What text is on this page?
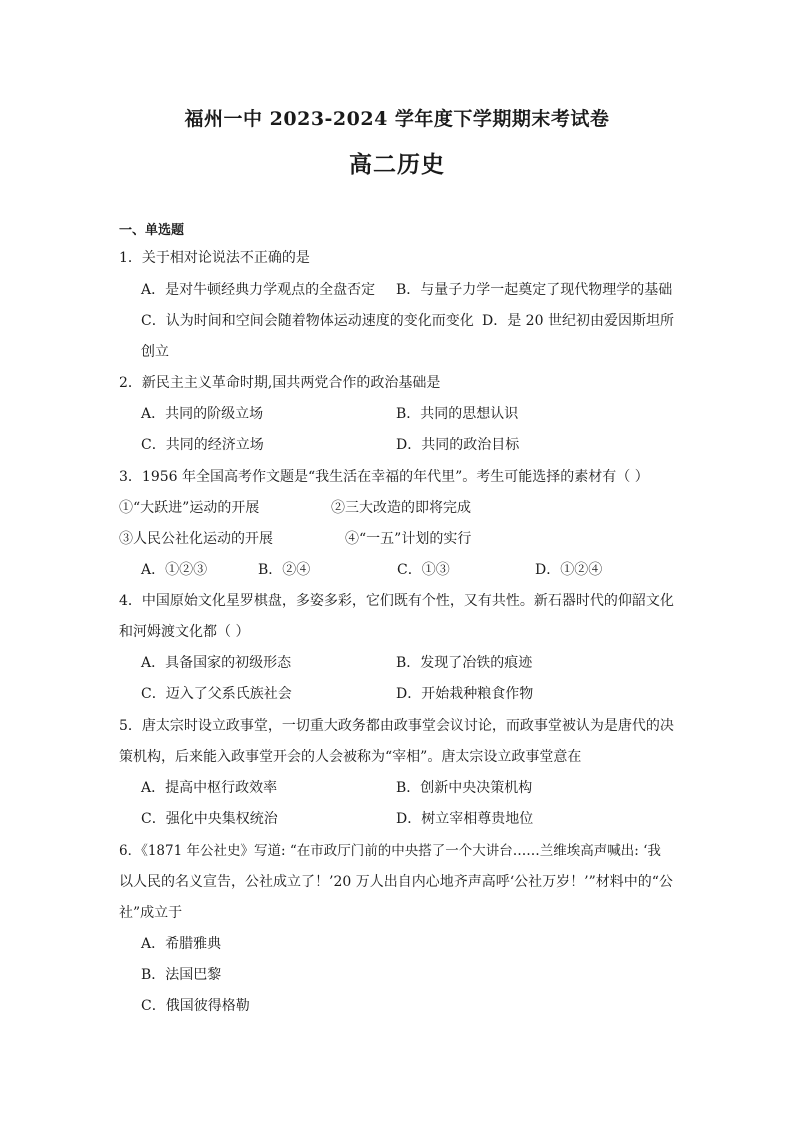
福州一中 2023-2024 学年度下学期期末考试卷
高二历史
一、单选题
1．关于相对论说法不正确的是
A．是对牛顿经典力学观点的全盘否定 B．与量子力学一起奠定了现代物理学的基础
C．认为时间和空间会随着物体运动速度的变化而变化 D．是 20 世纪初由爱因斯坦所
创立
2．新民主主义革命时期,国共两党合作的政治基础是
A．共同的阶级立场	B．共同的思想认识
C．共同的经济立场	D．共同的政治目标
3．1956 年全国高考作文题是“我生活在幸福的年代里”。考生可能选择的素材有（ ）
①“大跃进”运动的开展	②三大改造的即将完成
③人民公社化运动的开展	④“一五”计划的实行
A．①②③	B．②④	C．①③	D．①②④
4．中国原始文化星罗棋盘，多姿多彩，它们既有个性，又有共性。新石器时代的仰韶文化
和河姆渡文化都（ ）
A．具备国家的初级形态	B．发现了冶铁的痕迹
C．迈入了父系氏族社会	D．开始栽种粮食作物
5．唐太宗时设立政事堂，一切重大政务都由政事堂会议讨论，而政事堂被认为是唐代的决
策机构，后来能入政事堂开会的人会被称为“宰相”。唐太宗设立政事堂意在
A．提高中枢行政效率	B．创新中央决策机构
C．强化中央集权统治	D．树立宰相尊贵地位
6．《1871 年公社史》写道: “在市政厅门前的中央搭了一个大讲台……兰维埃高声喊出: ‘我
以人民的名义宣告，公社成立了！’20 万人出自内心地齐声高呼‘公社万岁！’”材料中的“公
社”成立于
A．希腊雅典
B．法国巴黎
C．俄国彼得格勒
